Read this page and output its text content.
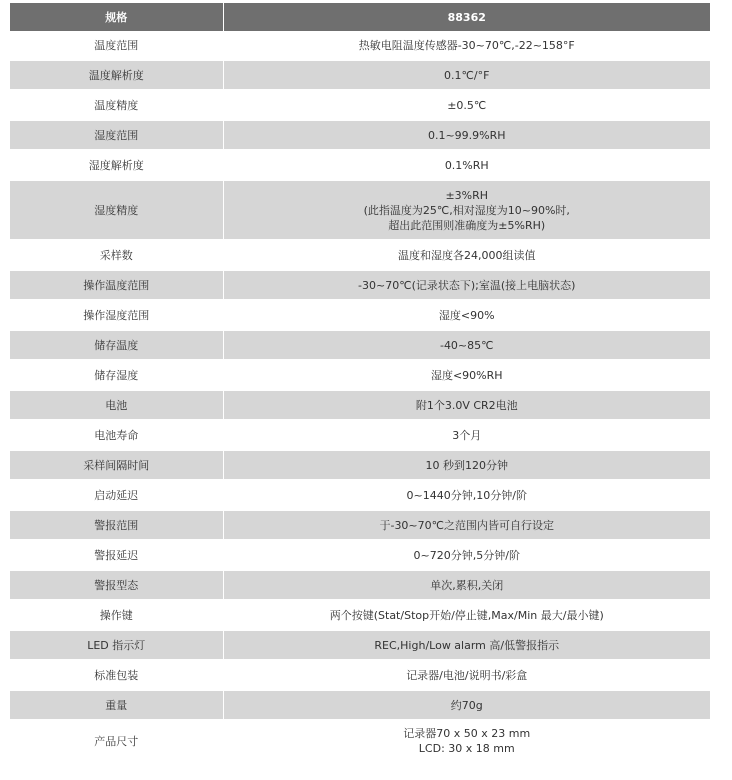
规格	88362
温度范围	热敏电阻温度传感器-30~70℃,-22~158°F

温度解析度	0.1℃/°F

温度精度	±0.5℃

湿度范围	0.1~99.9%RH

湿度解析度	0.1%RH

湿度精度	±3%RH
(此指温度为25℃,相对湿度为10~90%时,
超出此范围则准确度为±5%RH)

采样数	温度和湿度各24,000组读值

操作温度范围	-30~70℃(记录状态下);室温(接上电脑状态)

操作湿度范围	湿度<90%

储存温度	-40~85℃

储存湿度	湿度<90%RH

电池	附1个3.0V CR2电池

电池寿命	3个月

采样间隔时间	10 秒到120分钟

启动延迟	0~1440分钟,10分钟/阶

警报范围	于-30~70℃之范围内皆可自行设定

警报延迟	0~720分钟,5分钟/阶

警报型态	单次,累积,关闭

操作键	两个按键(Stat/Stop开始/停止键,Max/Min 最大/最小键)

LED 指示灯	REC,High/Low alarm 高/低警报指示

标准包装	记录器/电池/说明书/彩盒

重量	约70g

产品尺寸	记录器70 x 50 x 23 mm
LCD: 30 x 18 mm
